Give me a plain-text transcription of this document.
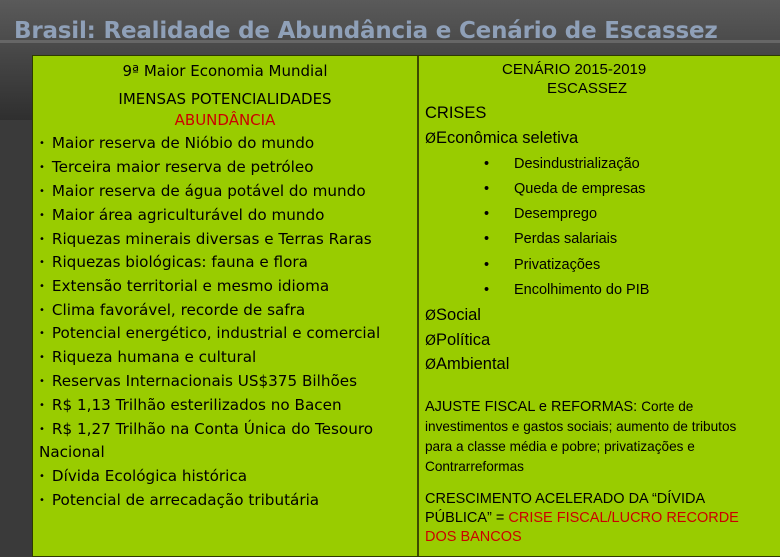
Brasil: Realidade de Abundância e Cenário de Escassez
9ª Maior Economia Mundial
IMENSAS POTENCIALIDADES
ABUNDÂNCIA
• Maior reserva de Nióbio do mundo
• Terceira maior reserva de petróleo
• Maior reserva de água potável do mundo
• Maior área agriculturável do mundo
• Riquezas minerais diversas e Terras Raras
• Riquezas biológicas: fauna e flora
• Extensão territorial e mesmo idioma
• Clima favorável, recorde de safra
• Potencial energético, industrial e comercial
• Riqueza humana e cultural
• Reservas Internacionais US$375 Bilhões
• R$ 1,13 Trilhão esterilizados no Bacen
• R$ 1,27 Trilhão na Conta Única do Tesouro
Nacional
• Dívida Ecológica histórica
• Potencial de arrecadação tributária
CENÁRIO 2015-2019
ESCASSEZ
CRISES
ØEconômica seletiva
• Desindustrialização
• Queda de empresas
• Desemprego
• Perdas salariais
• Privatizações
• Encolhimento do PIB
ØSocial
ØPolítica
ØAmbiental
AJUSTE FISCAL e REFORMAS: Corte de investimentos e gastos sociais; aumento de tributos para a classe média e pobre; privatizações e Contrarreformas
CRESCIMENTO ACELERADO DA “DÍVIDA PÚBLICA” = CRISE FISCAL/LUCRO RECORDE DOS BANCOS
